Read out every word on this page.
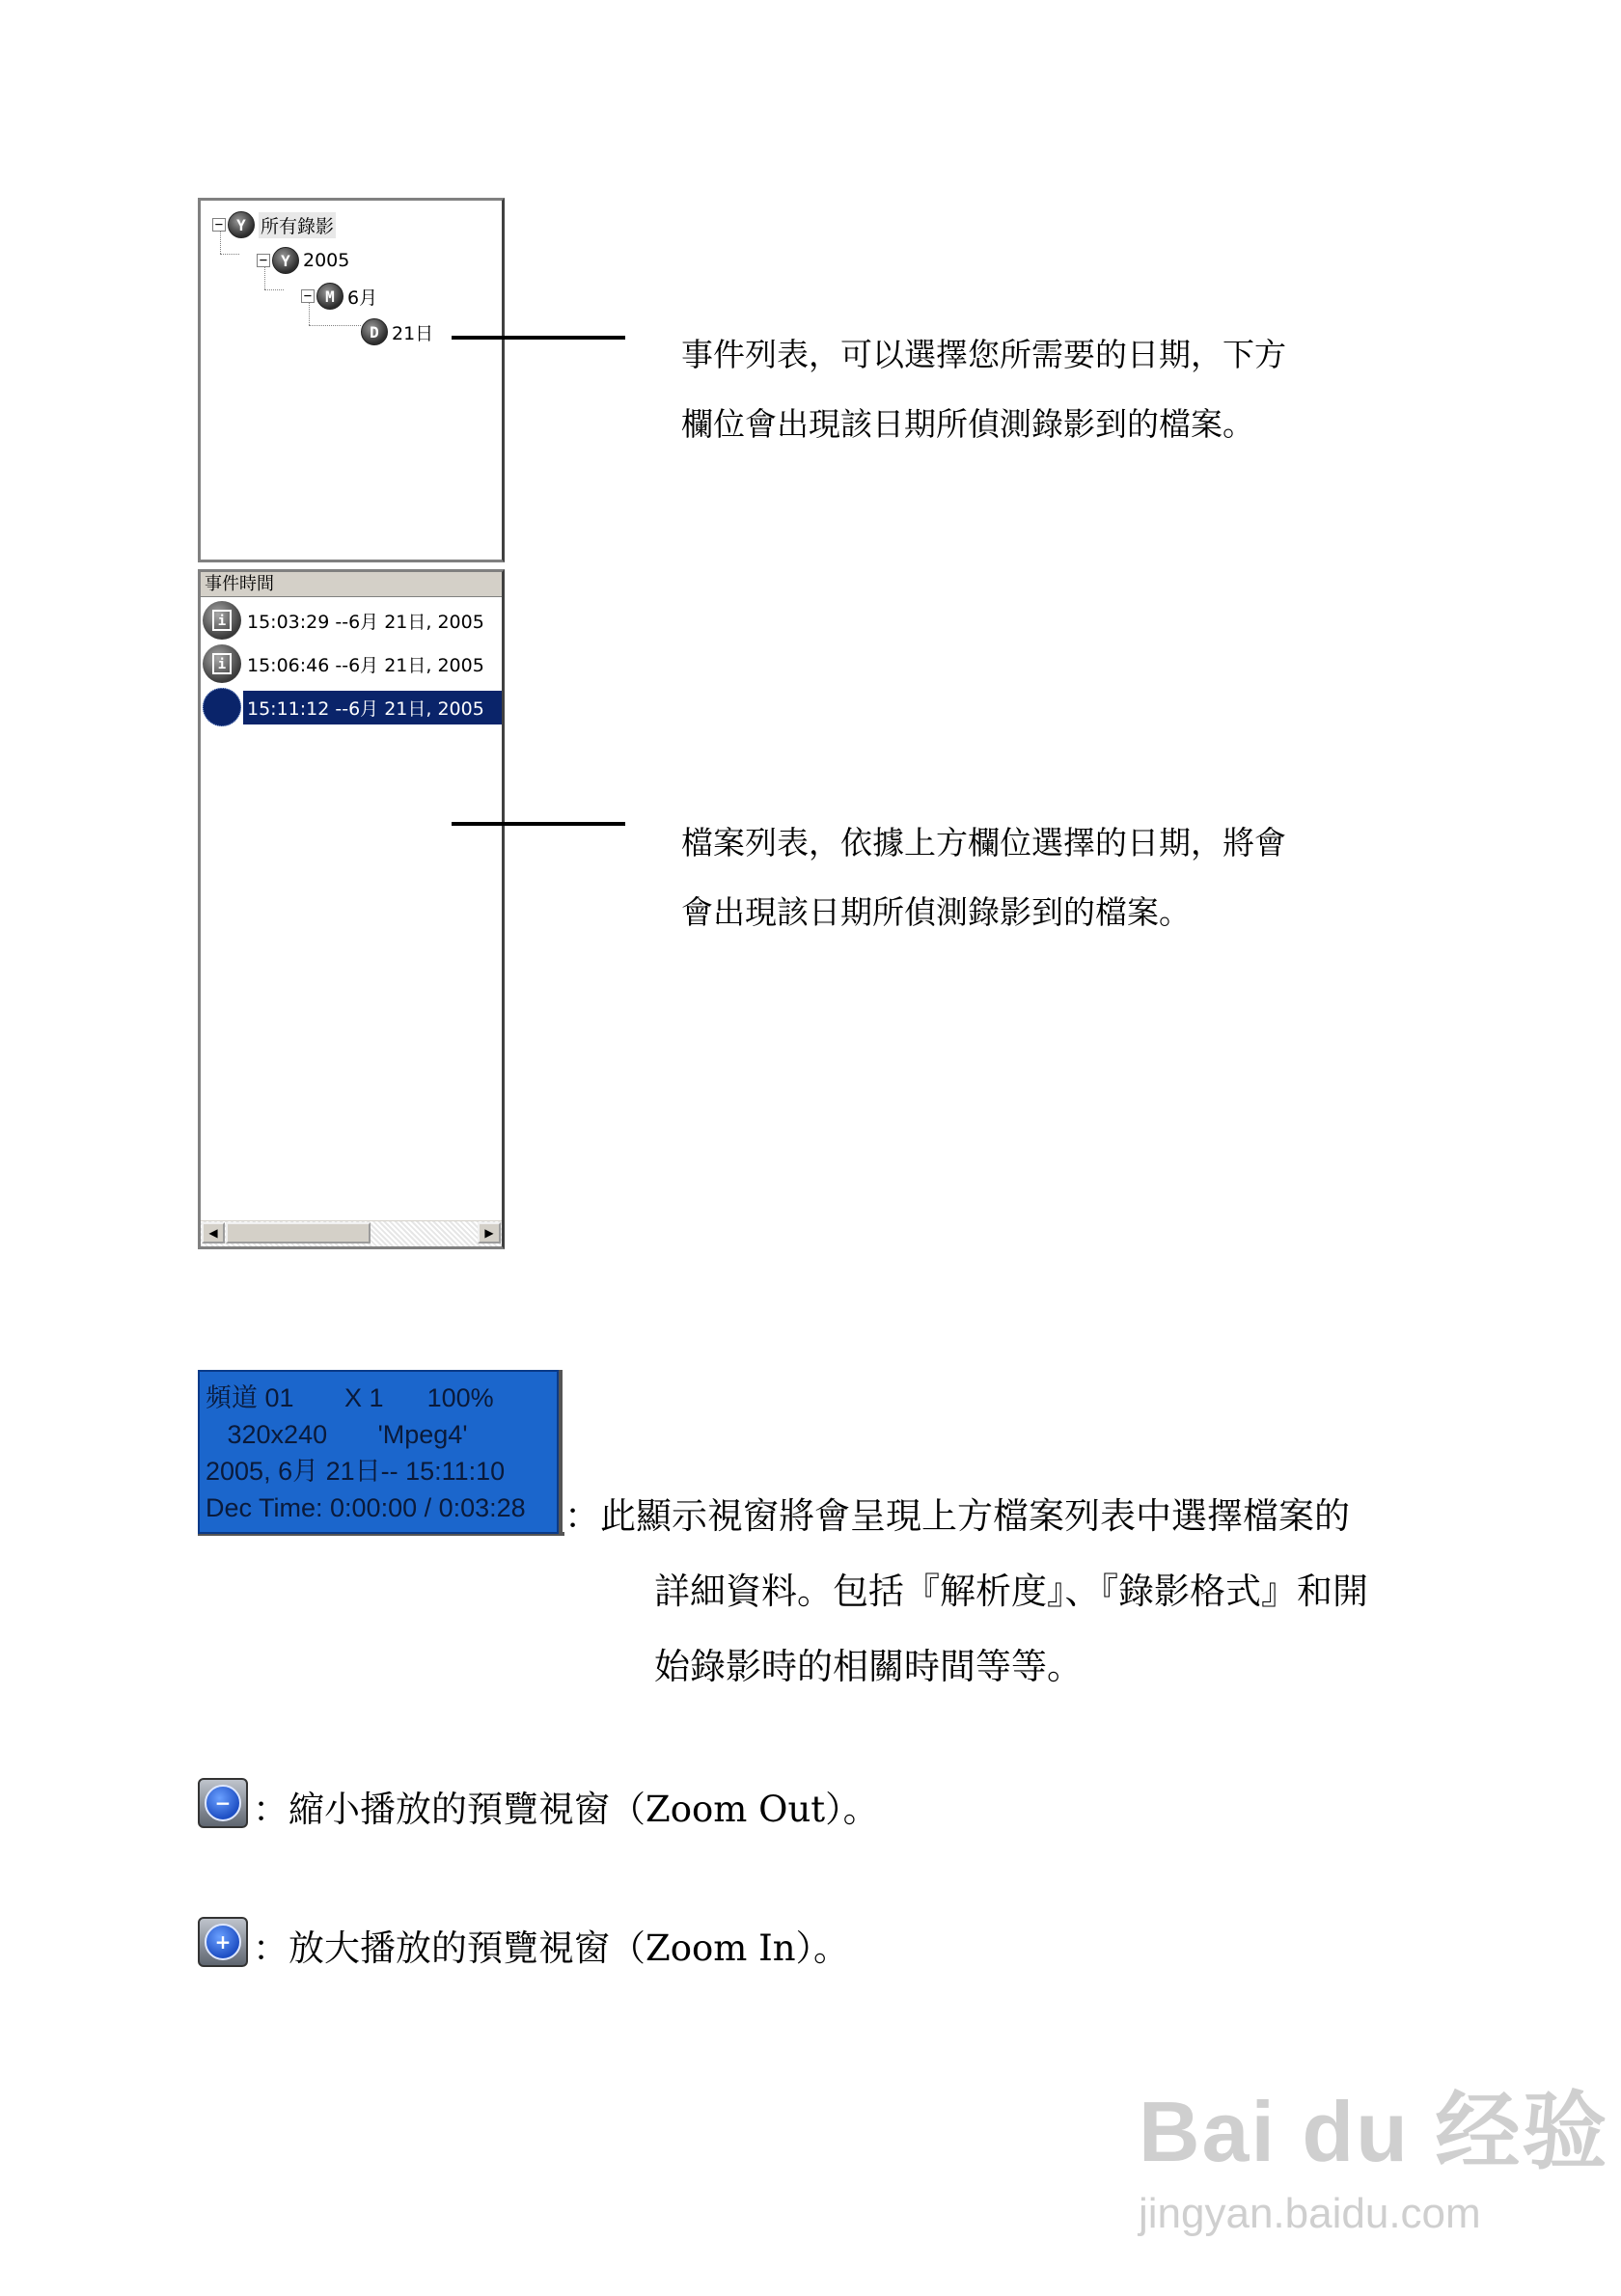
− Y 所有錄影
− Y 2005
− M 6月
D 21日
事件時間
i	15:03:29 --6月 21日, 2005
i	15:06:46 --6月 21日, 2005
15:11:12 --6月 21日, 2005
◀	▶
事件列表，可以選擇您所需要的日期，下方
欄位會出現該日期所偵測錄影到的檔案。
檔案列表，依據上方欄位選擇的日期，將會
會出現該日期所偵測錄影到的檔案。

頻道 01       X 1      100%

320x240       'Mpeg4'

2005, 6月 21日-- 15:11:10

Dec Time: 0:00:00 / 0:03:28 ：此顯示視窗將會呈現上方檔案列表中選擇檔案的
詳細資料。包括『解析度』、『錄影格式』和開
始錄影時的相關時間等等。
− ：縮小播放的預覽視窗（Zoom Out）。
+ ：放大播放的預覽視窗（Zoom In）。
Bai du 经验
jingyan.baidu.com
